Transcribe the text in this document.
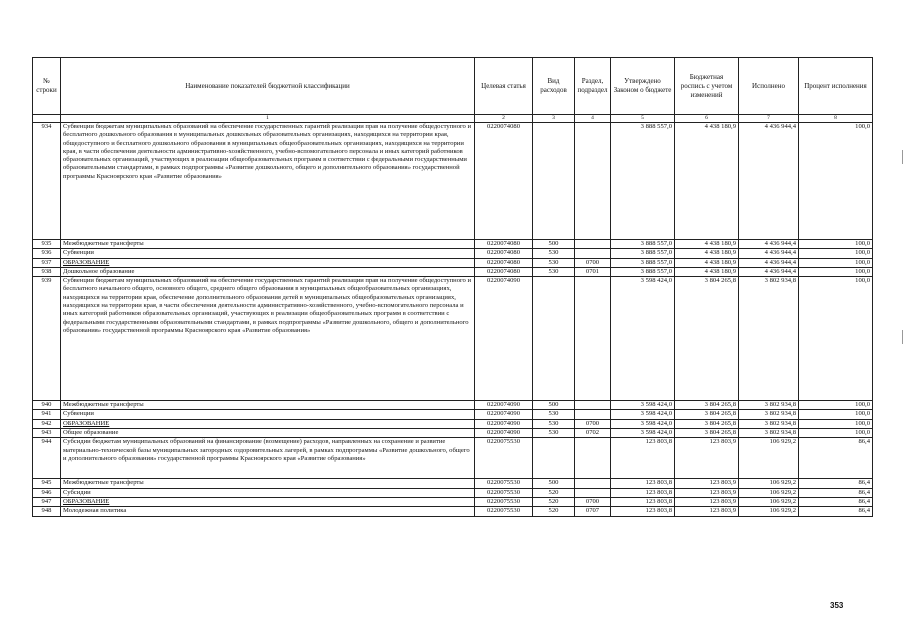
№ строки	Наименование показателей бюджетной классификации	Целевая статья	Вид расходов	Раздел, подраздел	Утверждено Законом о бюджете	Бюджетная роспись с учетом изменений	Исполнено	Процент исполнения
	1	2	3	4	5	6	7	8
934	Субвенции бюджетам муниципальных образований на обеспечение государственных гарантий реализации прав на получение общедоступного и бесплатного дошкольного образования в муниципальных дошкольных образовательных организациях, находящихся на территории края, общедоступного и бесплатного дошкольного образования в муниципальных общеобразовательных организациях, находящихся на территории края, в части обеспечения деятельности административно-хозяйственного, учебно-вспомогательного персонала и иных категорий работников образовательных организаций, участвующих в реализации общеобразовательных программ в соответствии с федеральными государственными образовательными стандартами, в рамках подпрограммы «Развитие дошкольного, общего и дополнительного образования» государственной программы Красноярского края «Развитие образования»	0220074080			3 888 557,0	4 438 180,9	4 436 944,4	100,0
935	Межбюджетные трансферты	0220074080	500		3 888 557,0	4 438 180,9	4 436 944,4	100,0
936	Субвенции	0220074080	530		3 888 557,0	4 438 180,9	4 436 944,4	100,0
937	ОБРАЗОВАНИЕ	0220074080	530	0700	3 888 557,0	4 438 180,9	4 436 944,4	100,0
938	Дошкольное образование	0220074080	530	0701	3 888 557,0	4 438 180,9	4 436 944,4	100,0
939	Субвенции бюджетам муниципальных образований на обеспечение государственных гарантий реализации прав на получение общедоступного и бесплатного начального общего, основного общего, среднего общего образования в муниципальных общеобразовательных организациях, находящихся на территории края, обеспечение дополнительного образования детей в муниципальных общеобразовательных организациях, находящихся на территории края, в части обеспечения деятельности административно-хозяйственного, учебно-вспомогательного персонала и иных категорий работников образовательных организаций, участвующих в реализации общеобразовательных программ в соответствии с федеральными государственными образовательными стандартами, в рамках подпрограммы «Развитие дошкольного, общего и дополнительного образования» государственной программы Красноярского края «Развитие образования»	0220074090			3 598 424,0	3 804 265,8	3 802 934,8	100,0
940	Межбюджетные трансферты	0220074090	500		3 598 424,0	3 804 265,8	3 802 934,8	100,0
941	Субвенции	0220074090	530		3 598 424,0	3 804 265,8	3 802 934,8	100,0
942	ОБРАЗОВАНИЕ	0220074090	530	0700	3 598 424,0	3 804 265,8	3 802 934,8	100,0
943	Общее образование	0220074090	530	0702	3 598 424,0	3 804 265,8	3 802 934,8	100,0
944	Субсидии бюджетам муниципальных образований на финансирование (возмещение) расходов, направленных на сохранение и развитие материально-технической базы муниципальных загородных оздоровительных лагерей, в рамках подпрограммы «Развитие дошкольного, общего и дополнительного образования» государственной программы Красноярского края «Развитие образования»	0220075530			123 803,8	123 803,9	106 929,2	86,4
945	Межбюджетные трансферты	0220075530	500		123 803,8	123 803,9	106 929,2	86,4
946	Субсидии	0220075530	520		123 803,8	123 803,9	106 929,2	86,4
947	ОБРАЗОВАНИЕ	0220075530	520	0700	123 803,8	123 803,9	106 929,2	86,4
948	Молодежная политика	0220075530	520	0707	123 803,8	123 803,9	106 929,2	86,4
353
